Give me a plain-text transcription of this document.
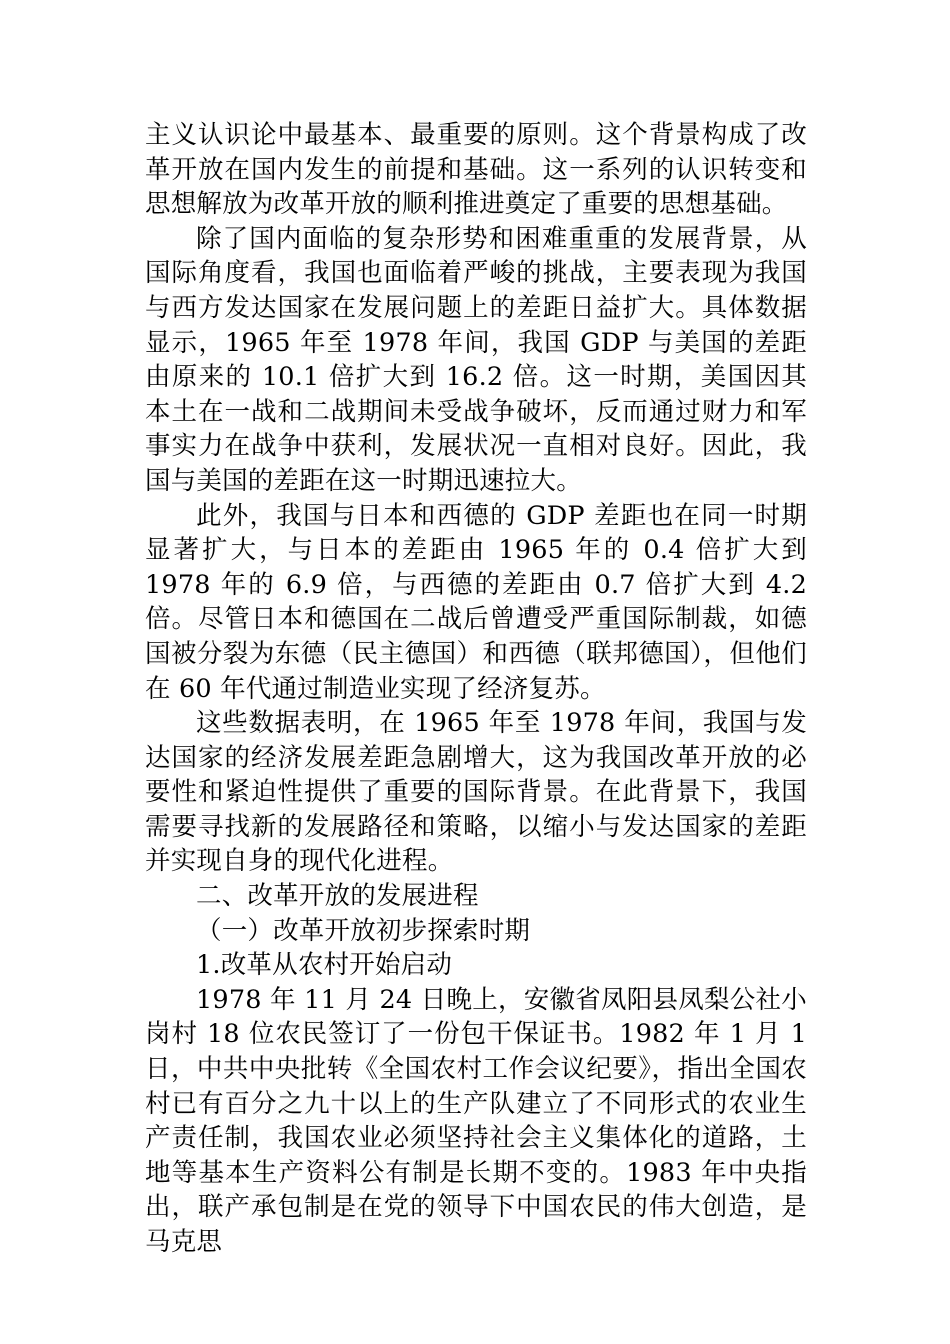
主义认识论中最基本、最重要的原则。这个背景构成了改革开放在国内发生的前提和基础。这一系列的认识转变和思想解放为改革开放的顺利推进奠定了重要的思想基础。

除了国内面临的复杂形势和困难重重的发展背景，从国际角度看，我国也面临着严峻的挑战，主要表现为我国与西方发达国家在发展问题上的差距日益扩大。具体数据显示，1965 年至 1978 年间，我国 GDP 与美国的差距由原来的 10.1 倍扩大到 16.2 倍。这一时期，美国因其本土在一战和二战期间未受战争破坏，反而通过财力和军事实力在战争中获利，发展状况一直相对良好。因此，我国与美国的差距在这一时期迅速拉大。

此外，我国与日本和西德的 GDP 差距也在同一时期显著扩大，与日本的差距由 1965 年的 0.4 倍扩大到 1978 年的 6.9 倍，与西德的差距由 0.7 倍扩大到 4.2 倍。尽管日本和德国在二战后曾遭受严重国际制裁，如德国被分裂为东德（民主德国）和西德（联邦德国），但他们在 60 年代通过制造业实现了经济复苏。

这些数据表明，在 1965 年至 1978 年间，我国与发达国家的经济发展差距急剧增大，这为我国改革开放的必要性和紧迫性提供了重要的国际背景。在此背景下，我国需要寻找新的发展路径和策略，以缩小与发达国家的差距并实现自身的现代化进程。

二、改革开放的发展进程

（一）改革开放初步探索时期

1.改革从农村开始启动

1978 年 11 月 24 日晚上，安徽省凤阳县凤梨公社小岗村 18 位农民签订了一份包干保证书。1982 年 1 月 1 日，中共中央批转《全国农村工作会议纪要》，指出全国农村已有百分之九十以上的生产队建立了不同形式的农业生产责任制，我国农业必须坚持社会主义集体化的道路，土地等基本生产资料公有制是长期不变的。1983 年中央指出，联产承包制是在党的领导下中国农民的伟大创造，是马克思
